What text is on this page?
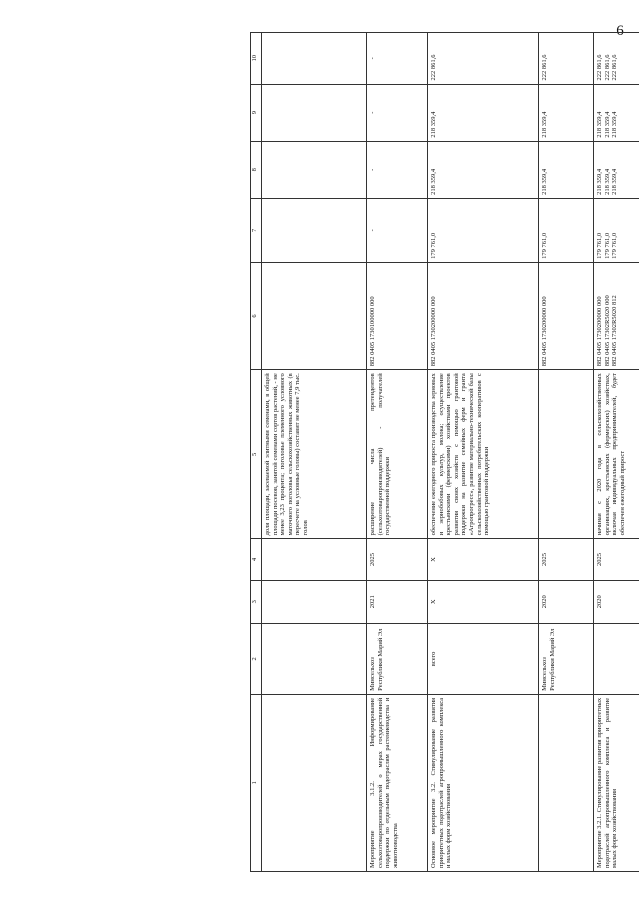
6
1	2	3	4	5	6	7	8	9	10
				доля площади, засеваемой элитными семенами, в общей площади посевов, занятой семенами сортов растений, - не менее 3,23 процента; поголовье племенного условного маточного поголовья сельскохозяйственных животных (в пересчете на условные головы) составит не менее 7,9 тыс. голов					
Мероприятие 3.1.2. Информирование сельхозтоваропроизводителей о мерах государственной поддержки по отдельным подотраслям растениеводства и животноводства	Минсельхоз Республики Марий Эл	2021	2025	расширение числа претендентов (сельхозтоваропроизводителей) - получателей государственной поддержки	882 0405 1730100000 000	-	-	-	-
Основное мероприятие 3.2. Стимулирование развития приоритетных подотраслей агропромышленного комплекса и малых форм хозяйствования	всего	Х	Х	обеспечение ежегодного прироста производства зерновых и зернобобовых культур, молока; осуществление крестьянскими (фермерскими) хозяйствами проектов развития своих хозяйств с помощью грантовой поддержки на развитие семейных ферм и гранта «Агропрогресс», развитие материально-технической базы сельскохозяйственных потребительских кооперативов с помощью грантовой поддержки	882 0405 1730200000 000	179 761,0	218 359,4	218 359,4	222 861,6
	Минсельхоз Республики Марий Эл	2020	2025		882 0405 1730200000 000	179 761,0	218 359,4	218 359,4	222 861,6
Мероприятие 3.2.1. Стимулирование развития приоритетных подотраслей агропромышленного комплекса и развитие малых форм хозяйствования		2020	2025	начиная с 2020 года в сельскохозяйственных организациях, крестьянских (фермерских) хозяйствах, включая индивидуальных предпринимателей, будет обеспечен ежегодный прирост	882 0405 1730200000 000 882 0405 17302R5020 000 882 0405 17302R5020 812	179 761,0 179 761,0 179 761,0	218 359,4 218 359,4 218 359,4	218 359,4 218 359,4 218 359,4	222 861,6 222 861,6 222 861,6
